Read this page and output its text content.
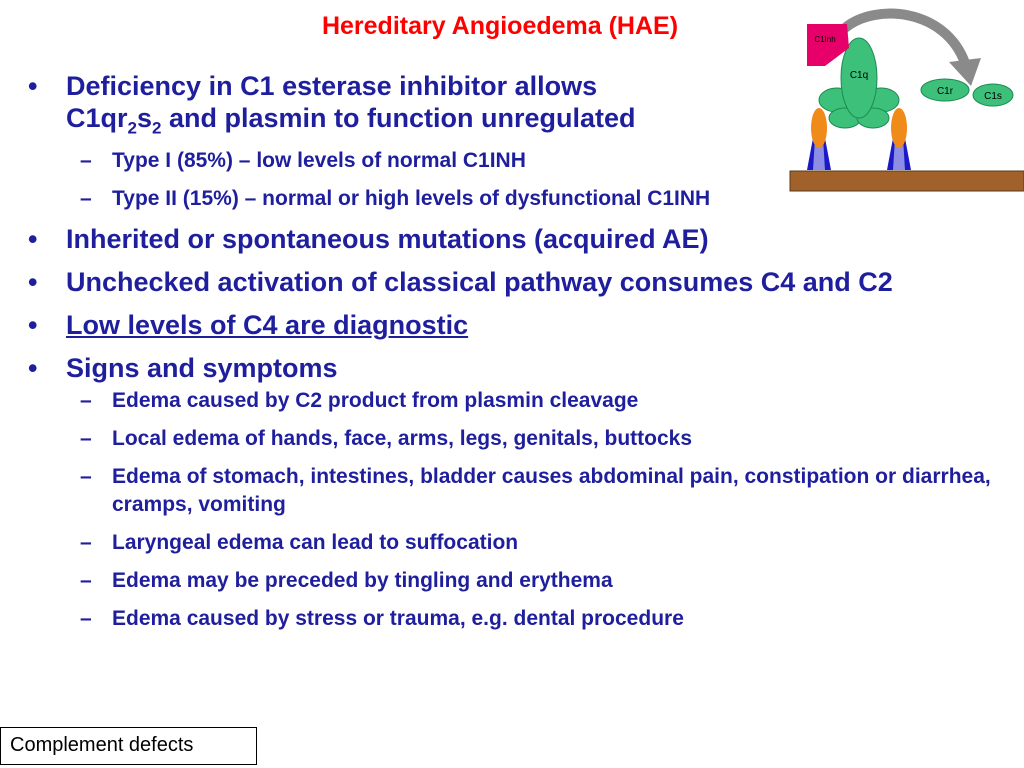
Hereditary Angioedema (HAE)
C1q
C1Inh
C1r	C1s
• Deficiency in C1 esterase inhibitor allows
$C1qr_2s_2$ and plasmin to function unregulated
– Type I (85%) – low levels of normal C1INH
– Type II (15%) – normal or high levels of dysfunctional C1INH
• Inherited or spontaneous mutations (acquired AE)
• Unchecked activation of classical pathway consumes C4 and C2
• Low levels of C4 are diagnostic
• Signs and symptoms
– Edema caused by C2 product from plasmin cleavage
– Local edema of hands, face, arms, legs, genitals, buttocks
– Edema of stomach, intestines, bladder causes abdominal pain, constipation or diarrhea, cramps, vomiting
– Laryngeal edema can lead to suffocation
– Edema may be preceded by tingling and erythema
– Edema caused by stress or trauma, e.g. dental procedure
Complement defects
